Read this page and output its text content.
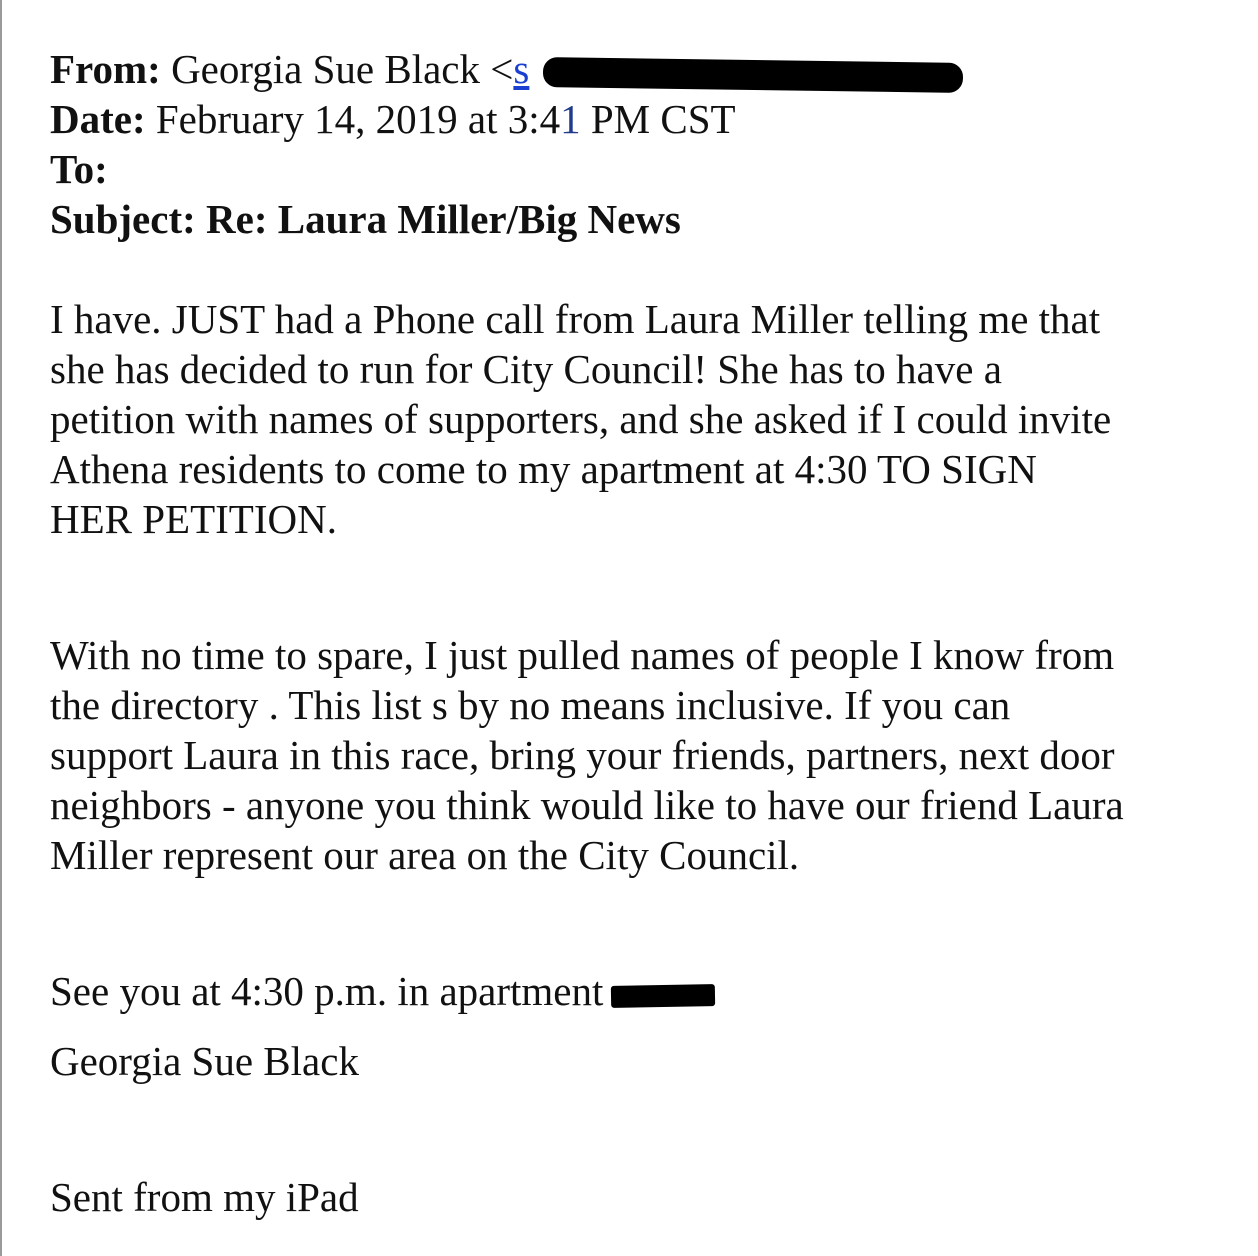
From: Georgia Sue Black <s
Date: February 14, 2019 at 3:41 PM CST
To:
Subject: Re: Laura Miller/Big News
I have. JUST had a Phone call from Laura Miller telling me that
she has decided to run for City Council! She has to have a
petition with names of supporters, and she asked if I could invite
Athena residents to come to my apartment at 4:30 TO SIGN
HER PETITION.
With no time to spare, I just pulled names of people I know from
the directory . This list s by no means inclusive. If you can
support Laura in this race, bring your friends, partners, next door
neighbors - anyone you think would like to have our friend Laura
Miller represent our area on the City Council.
See you at 4:30 p.m. in apartment
Georgia Sue Black
Sent from my iPad
